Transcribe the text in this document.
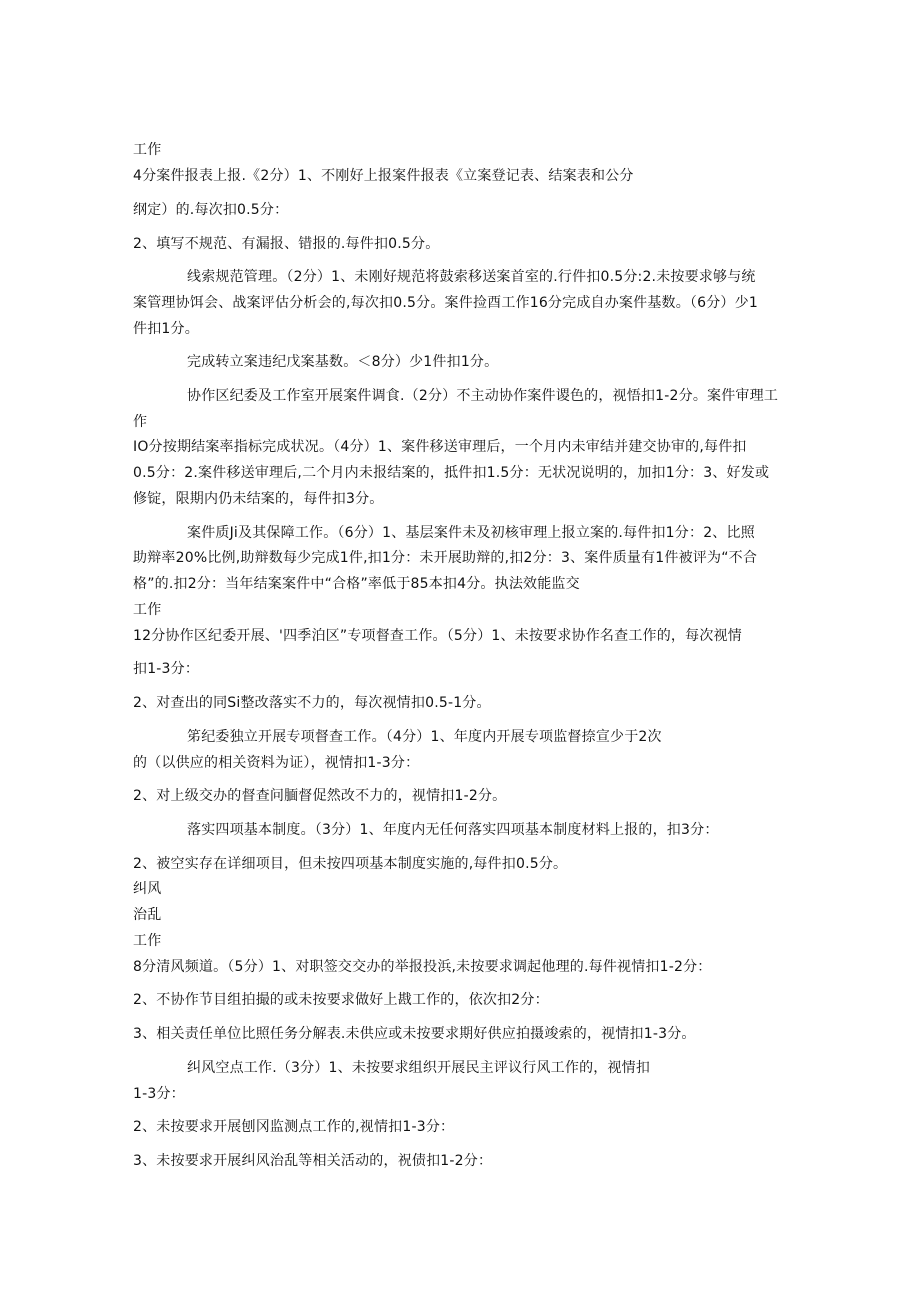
工作
4分案件报表上报.《2分）1、不刚好上报案件报表《立案登记表、结案表和公分
纲定）的.每次扣0.5分：
2、填写不规范、有漏报、错报的.每件扣0.5分。
线索规范管理。（2分）1、未刚好规范将鼓索移送案首室的.行件扣0.5分:2.未按要求够与统
案管理协饵会、战案评估分析会的,每次扣0.5分。案件捡酉工作16分完成自办案件基数。（6分）少1
件扣1分。
完成转立案违纪戊案基数。＜8分）少1件扣1分。
协作区纪委及工作室开展案件调食.（2分）不主动协作案件谡色的，视悟扣1-2分。案件审理工
作
IO分按期结案率指标完成状况。（4分）1、案件移送审理后，一个月内未审结并建交协审的,每件扣
0.5分：2.案件移送审理后,二个月内未报结案的，抵件扣1.5分：无状况说明的，加扣1分：3、好发或
修锭，限期内仍未结案的，每件扣3分。
案件质Ji及其保障工作。（6分）1、基层案件未及初核审理上报立案的.每件扣1分：2、比照
助辩率20%比例,助辩数每少完成1件,扣1分：未开展助辩的,扣2分：3、案件质量有1件被评为“不合
格”的.扣2分：当年结案案件中“合格”率低于85本扣4分。执法效能监交
工作
12分协作区纪委开展、'四季泊区”专项督查工作。（5分）1、未按要求协作名查工作的，每次视情
扣1-3分：
2、对查出的同Si整改落实不力的，每次视情扣0.5-1分。
笫纪委独立开展专项督查工作。（4分）1、年度内开展专项监督捺宣少于2次
的（以供应的相关资料为证），视情扣1-3分：
2、对上级交办的督查问腼督促然改不力的，视情扣1-2分。
落实四项基本制度。（3分）1、年度内无任何落实四项基本制度材料上报的，扣3分：
2、被空实存在详细项目，但未按四项基本制度实施的,每件扣0.5分。
纠风
治乱
工作
8分清风频道。（5分）1、对职签交交办的举报投浜,未按要求调起他理的.每件视情扣1-2分：
2、不协作节目组拍撮的或未按要求做好上戡工作的，依次扣2分：
3、相关责任单位比照任务分解表.未供应或未按要求期好供应拍摄竣索的，视情扣1-3分。
纠风空点工作.（3分）1、未按要求组织开展民主评议行风工作的，视情扣
1-3分：
2、未按要求开展刨冈监测点工作的,视情扣1-3分：
3、未按要求开展纠风治乱等相关活动的，祝债扣1-2分：
